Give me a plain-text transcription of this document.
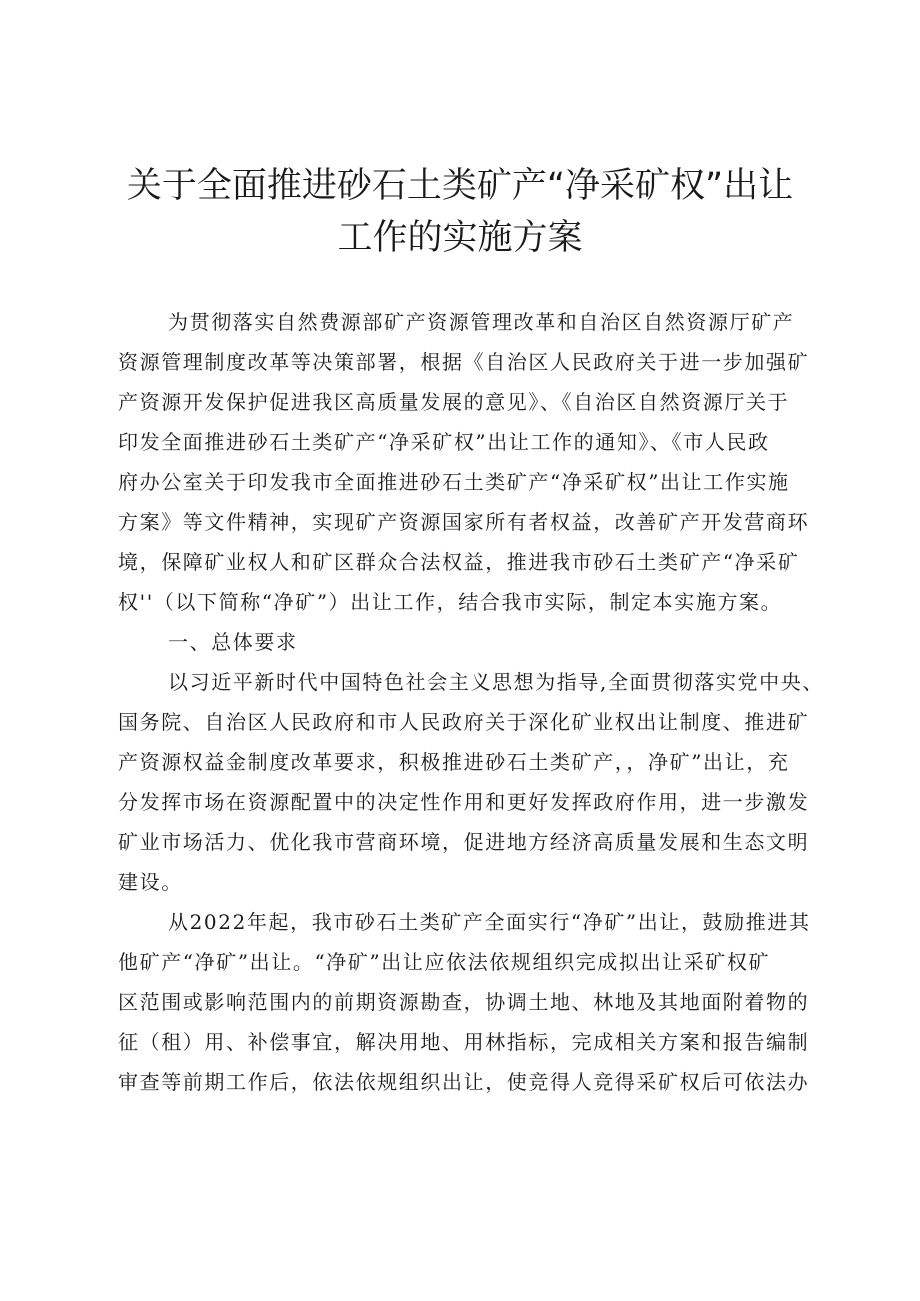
关于全面推进砂石土类矿产“净采矿权”出让
工作的实施方案
为贯彻落实自然费源部矿产资源管理改革和自治区自然资源厅矿产
资源管理制度改革等决策部署，根据《自治区人民政府关于进一步加强矿
产资源开发保护促进我区高质量发展的意见》、《自治区自然资源厅关于
印发全面推进砂石土类矿产“净采矿权”出让工作的通知》、《市人民政
府办公室关于印发我市全面推进砂石土类矿产“净采矿权”出让工作实施
方案》等文件精神，实现矿产资源国家所有者权益，改善矿产开发营商环
境，保障矿业权人和矿区群众合法权益，推进我市砂石土类矿产“净采矿
权''（以下简称“净矿”）出让工作，结合我市实际，制定本实施方案。
一、总体要求
以习近平新时代中国特色社会主义思想为指导,全面贯彻落实党中央、
国务院、自治区人民政府和市人民政府关于深化矿业权出让制度、推进矿
产资源权益金制度改革要求，积极推进砂石土类矿产，，净矿”出让，充
分发挥市场在资源配置中的决定性作用和更好发挥政府作用，进一步激发
矿业市场活力、优化我市营商环境，促进地方经济高质量发展和生态文明
建设。
从2022年起，我市砂石土类矿产全面实行“净矿”出让，鼓励推进其
他矿产“净矿”出让。“净矿”出让应依法依规组织完成拟出让采矿权矿
区范围或影响范围内的前期资源勘查，协调土地、林地及其地面附着物的
征（租）用、补偿事宜，解决用地、用林指标，完成相关方案和报告编制
审查等前期工作后，依法依规组织出让，使竞得人竞得采矿权后可依法办
